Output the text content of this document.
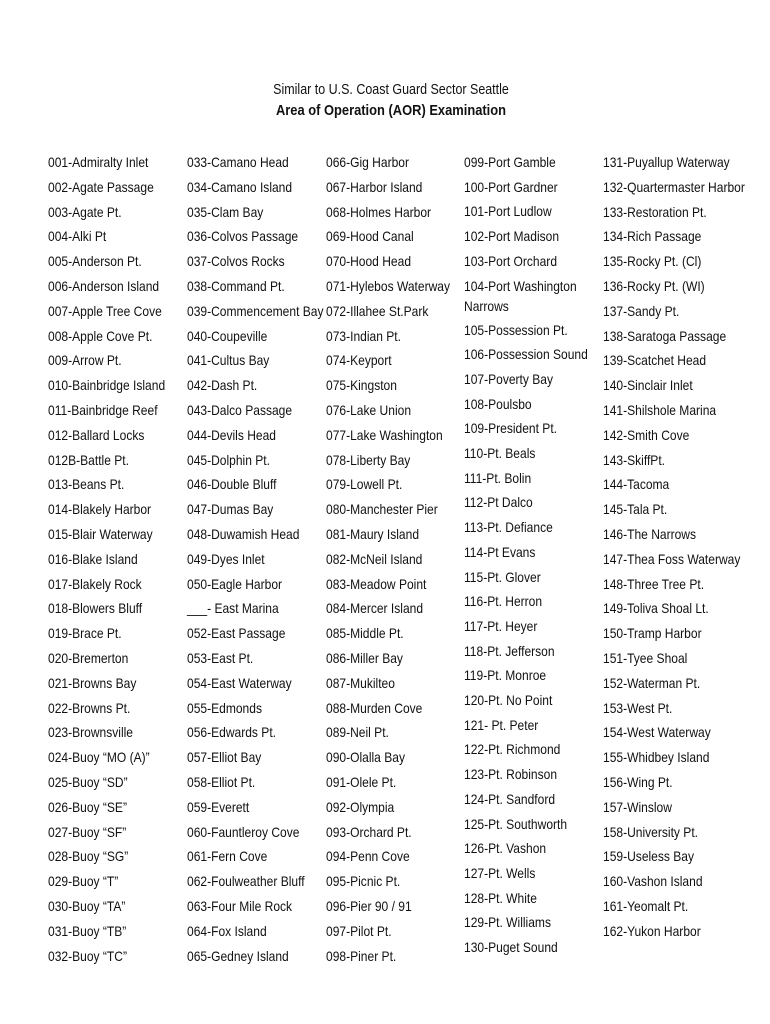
Similar to U.S. Coast Guard Sector Seattle
Area of Operation (AOR) Examination
001-Admiralty Inlet
002-Agate Passage
003-Agate Pt.
004-Alki Pt
005-Anderson Pt.
006-Anderson Island
007-Apple Tree Cove
008-Apple Cove Pt.
009-Arrow Pt.
010-Bainbridge Island
011-Bainbridge Reef
012-Ballard Locks
012B-Battle Pt.
013-Beans Pt.
014-Blakely Harbor
015-Blair Waterway
016-Blake Island
017-Blakely Rock
018-Blowers Bluff
019-Brace Pt.
020-Bremerton
021-Browns Bay
022-Browns Pt.
023-Brownsville
024-Buoy “MO (A)”
025-Buoy “SD”
026-Buoy “SE”
027-Buoy “SF”
028-Buoy “SG”
029-Buoy “T”
030-Buoy “TA”
031-Buoy “TB”
032-Buoy “TC”
033-Camano Head
034-Camano Island
035-Clam Bay
036-Colvos Passage
037-Colvos Rocks
038-Command Pt.
039-Commencement Bay
040-Coupeville
041-Cultus Bay
042-Dash Pt.
043-Dalco Passage
044-Devils Head
045-Dolphin Pt.
046-Double Bluff
047-Dumas Bay
048-Duwamish Head
049-Dyes Inlet
050-Eagle Harbor
___- East Marina
052-East Passage
053-East Pt.
054-East Waterway
055-Edmonds
056-Edwards Pt.
057-Elliot Bay
058-Elliot Pt.
059-Everett
060-Fauntleroy Cove
061-Fern Cove
062-Foulweather Bluff
063-Four Mile Rock
064-Fox Island
065-Gedney Island
066-Gig Harbor
067-Harbor Island
068-Holmes Harbor
069-Hood Canal
070-Hood Head
071-Hylebos Waterway
072-Illahee St.Park
073-Indian Pt.
074-Keyport
075-Kingston
076-Lake Union
077-Lake Washington
078-Liberty Bay
079-Lowell Pt.
080-Manchester Pier
081-Maury Island
082-McNeil Island
083-Meadow Point
084-Mercer Island
085-Middle Pt.
086-Miller Bay
087-Mukilteo
088-Murden Cove
089-Neil Pt.
090-Olalla Bay
091-Olele Pt.
092-Olympia
093-Orchard Pt.
094-Penn Cove
095-Picnic Pt.
096-Pier 90 / 91
097-Pilot Pt.
098-Piner Pt.
099-Port Gamble
100-Port Gardner
101-Port Ludlow
102-Port Madison
103-Port Orchard
104-Port Washington Narrows
105-Possession Pt.
106-Possession Sound
107-Poverty Bay
108-Poulsbo
109-President Pt.
110-Pt. Beals
111-Pt. Bolin
112-Pt Dalco
113-Pt. Defiance
114-Pt Evans
115-Pt. Glover
116-Pt. Herron
117-Pt. Heyer
118-Pt. Jefferson
119-Pt. Monroe
120-Pt. No Point
121- Pt. Peter
122-Pt. Richmond
123-Pt. Robinson
124-Pt. Sandford
125-Pt. Southworth
126-Pt. Vashon
127-Pt. Wells
128-Pt. White
129-Pt. Williams
130-Puget Sound
131-Puyallup Waterway
132-Quartermaster Harbor
133-Restoration Pt.
134-Rich Passage
135-Rocky Pt. (Cl)
136-Rocky Pt. (WI)
137-Sandy Pt.
138-Saratoga Passage
139-Scatchet Head
140-Sinclair Inlet
141-Shilshole Marina
142-Smith Cove
143-SkiffPt.
144-Tacoma
145-Tala Pt.
146-The Narrows
147-Thea Foss Waterway
148-Three Tree Pt.
149-Toliva Shoal Lt.
150-Tramp Harbor
151-Tyee Shoal
152-Waterman Pt.
153-West Pt.
154-West Waterway
155-Whidbey Island
156-Wing Pt.
157-Winslow
158-University Pt.
159-Useless Bay
160-Vashon Island
161-Yeomalt Pt.
162-Yukon Harbor
